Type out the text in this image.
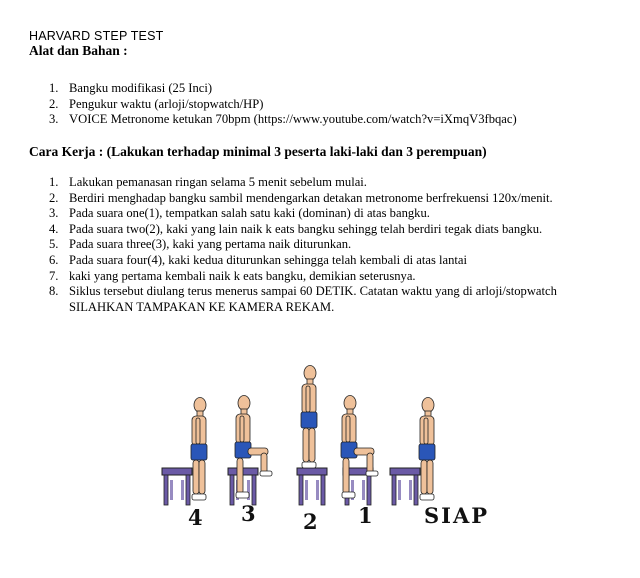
HARVARD STEP TEST
Alat dan Bahan :
1. Bangku modifikasi (25 Inci)
2. Pengukur waktu (arloji/stopwatch/HP)
3. VOICE Metronome ketukan 70bpm (https://www.youtube.com/watch?v=iXmqV3fbqac)
Cara Kerja : (Lakukan terhadap minimal 3 peserta laki-laki dan 3 perempuan)
1. Lakukan pemanasan ringan selama 5 menit sebelum mulai.
2. Berdiri menghadap bangku sambil mendengarkan detakan metronome berfrekuensi 120x/menit.
3. Pada suara one(1), tempatkan salah satu kaki (dominan) di atas bangku.
4. Pada suara two(2), kaki yang lain naik k eats bangku sehingg telah berdiri tegak diats bangku.
5. Pada suara three(3), kaki yang pertama naik diturunkan.
6. Pada suara four(4), kaki kedua diturunkan sehingga telah kembali di atas lantai
7. kaki yang pertama kembali naik k eats bangku, demikian seterusnya.
8. Siklus tersebut diulang terus menerus sampai 60 DETIK. Catatan waktu yang di arloji/stopwatch SILAHKAN TAMPAKAN KE KAMERA REKAM.
4 3 2 1 SIAP
